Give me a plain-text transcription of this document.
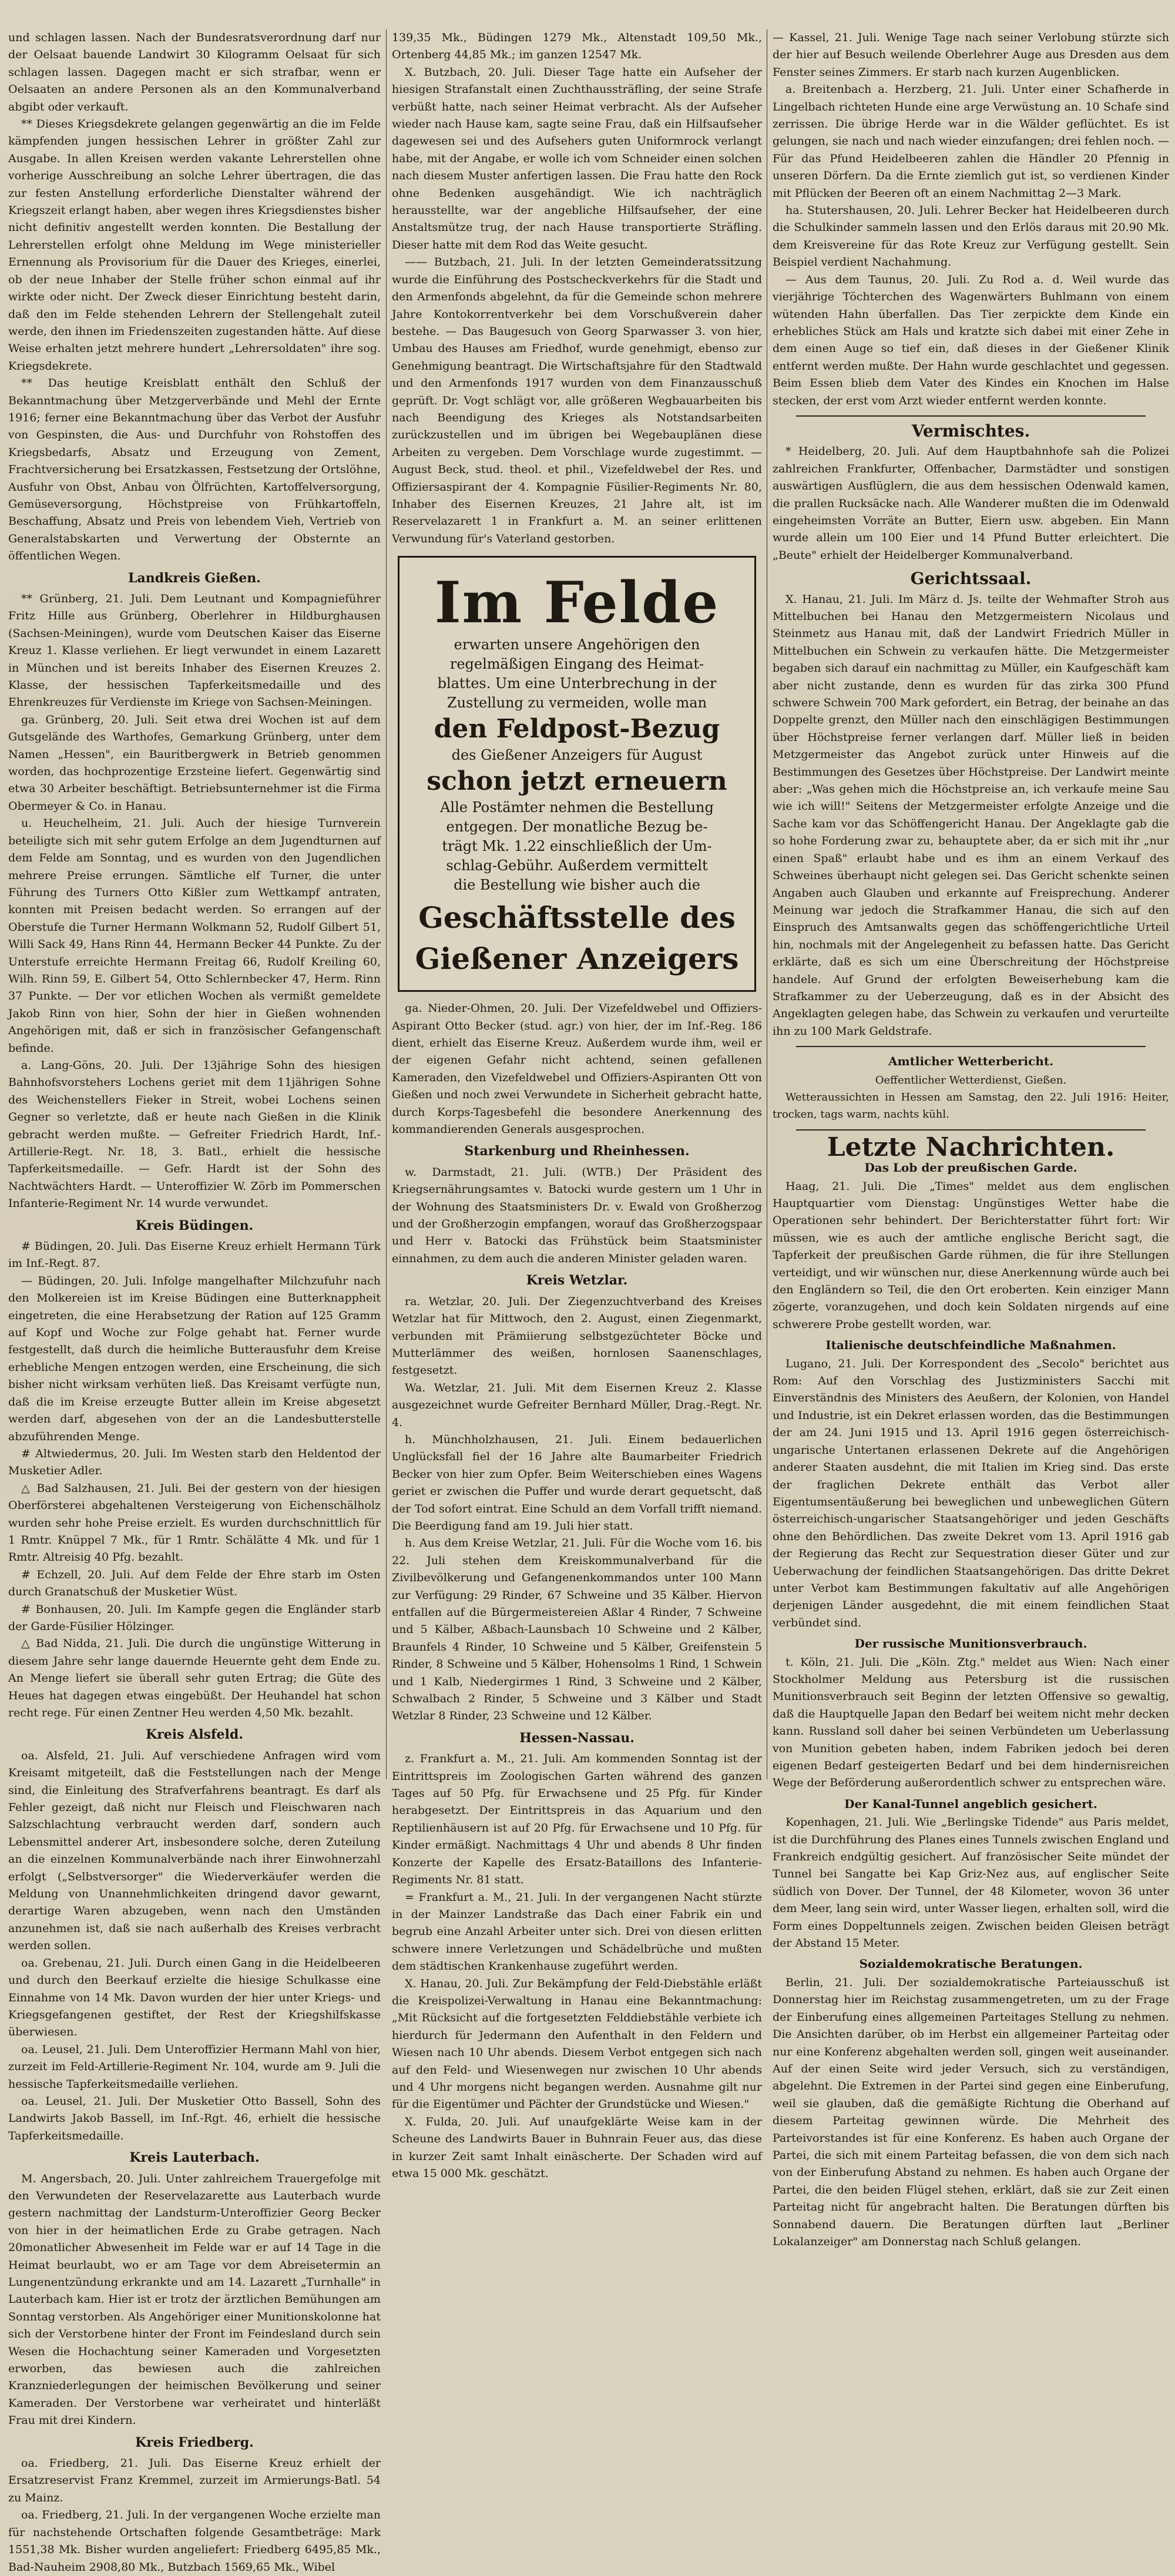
und schlagen lassen. Nach der Bundesratsverordnung darf nur der Oelsaat bauende Landwirt 30 Kilogramm Oelsaat für sich schlagen lassen. Dagegen macht er sich strafbar, wenn er Oelsaaten an andere Personen als an den Kommunalverband abgibt oder verkauft.

** Dieses Kriegsdekrete gelangen gegenwärtig an die im Felde kämpfenden jungen hessischen Lehrer in größter Zahl zur Ausgabe. In allen Kreisen werden vakante Lehrerstellen ohne vorherige Ausschreibung an solche Lehrer übertragen, die das zur festen Anstellung erforderliche Dienstalter während der Kriegszeit erlangt haben, aber wegen ihres Kriegsdienstes bisher nicht definitiv angestellt werden konnten. Die Bestallung der Lehrerstellen erfolgt ohne Meldung im Wege ministerieller Ernennung als Provisorium für die Dauer des Krieges, einerlei, ob der neue Inhaber der Stelle früher schon einmal auf ihr wirkte oder nicht. Der Zweck dieser Einrichtung besteht darin, daß den im Felde stehenden Lehrern der Stellengehalt zuteil werde, den ihnen im Friedenszeiten zugestanden hätte. Auf diese Weise erhalten jetzt mehrere hundert „Lehrersoldaten" ihre sog. Kriegsdekrete.

** Das heutige Kreisblatt enthält den Schluß der Bekanntmachung über Metzgerverbände und Mehl der Ernte 1916; ferner eine Bekanntmachung über das Verbot der Ausfuhr von Gespinsten, die Aus- und Durchfuhr von Rohstoffen des Kriegsbedarfs, Absatz und Erzeugung von Zement, Frachtversicherung bei Ersatzkassen, Festsetzung der Ortslöhne, Ausfuhr von Obst, Anbau von Ölfrüchten, Kartoffelversorgung, Gemüseversorgung, Höchstpreise von Frühkartoffeln, Beschaffung, Absatz und Preis von lebendem Vieh, Vertrieb von Generalstabskarten und Verwertung der Obsternte an öffentlichen Wegen.

Landkreis Gießen.

** Grünberg, 21. Juli. Dem Leutnant und Kompagnieführer Fritz Hille aus Grünberg, Oberlehrer in Hildburghausen (Sachsen-Meiningen), wurde vom Deutschen Kaiser das Eiserne Kreuz 1. Klasse verliehen. Er liegt verwundet in einem Lazarett in München und ist bereits Inhaber des Eisernen Kreuzes 2. Klasse, der hessischen Tapferkeitsmedaille und des Ehrenkreuzes für Verdienste im Kriege von Sachsen-Meiningen.

ga. Grünberg, 20. Juli. Seit etwa drei Wochen ist auf dem Gutsgelände des Warthofes, Gemarkung Grünberg, unter dem Namen „Hessen", ein Bauritbergwerk in Betrieb genommen worden, das hochprozentige Erzsteine liefert. Gegenwärtig sind etwa 30 Arbeiter beschäftigt. Betriebsunternehmer ist die Firma Obermeyer & Co. in Hanau.

u. Heuchelheim, 21. Juli. Auch der hiesige Turnverein beteiligte sich mit sehr gutem Erfolge an dem Jugendturnen auf dem Felde am Sonntag, und es wurden von den Jugendlichen mehrere Preise errungen. Sämtliche elf Turner, die unter Führung des Turners Otto Kißler zum Wettkampf antraten, konnten mit Preisen bedacht werden. So errangen auf der Oberstufe die Turner Hermann Wolkmann 52, Rudolf Gilbert 51, Willi Sack 49, Hans Rinn 44, Hermann Becker 44 Punkte. Zu der Unterstufe erreichte Hermann Freitag 66, Rudolf Kreiling 60, Wilh. Rinn 59, E. Gilbert 54, Otto Schlernbecker 47, Herm. Rinn 37 Punkte. — Der vor etlichen Wochen als vermißt gemeldete Jakob Rinn von hier, Sohn der hier in Gießen wohnenden Angehörigen mit, daß er sich in französischer Gefangenschaft befinde.

a. Lang-Göns, 20. Juli. Der 13jährige Sohn des hiesigen Bahnhofsvorstehers Lochens geriet mit dem 11jährigen Sohne des Weichenstellers Fieker in Streit, wobei Lochens seinen Gegner so verletzte, daß er heute nach Gießen in die Klinik gebracht werden mußte. — Gefreiter Friedrich Hardt, Inf.-Artillerie-Regt. Nr. 18, 3. Batl., erhielt die hessische Tapferkeitsmedaille. — Gefr. Hardt ist der Sohn des Nachtwächters Hardt. — Unteroffizier W. Zörb im Pommerschen Infanterie-Regiment Nr. 14 wurde verwundet.

Kreis Büdingen.

# Büdingen, 20. Juli. Das Eiserne Kreuz erhielt Hermann Türk im Inf.-Regt. 87.

— Büdingen, 20. Juli. Infolge mangelhafter Milchzufuhr nach den Molkereien ist im Kreise Büdingen eine Butterknappheit eingetreten, die eine Herabsetzung der Ration auf 125 Gramm auf Kopf und Woche zur Folge gehabt hat. Ferner wurde festgestellt, daß durch die heimliche Butterausfuhr dem Kreise erhebliche Mengen entzogen werden, eine Erscheinung, die sich bisher nicht wirksam verhüten ließ. Das Kreisamt verfügte nun, daß die im Kreise erzeugte Butter allein im Kreise abgesetzt werden darf, abgesehen von der an die Landesbutterstelle abzuführenden Menge.

# Altwiedermus, 20. Juli. Im Westen starb den Heldentod der Musketier Adler.

△ Bad Salzhausen, 21. Juli. Bei der gestern von der hiesigen Oberförsterei abgehaltenen Versteigerung von Eichenschälholz wurden sehr hohe Preise erzielt. Es wurden durchschnittlich für 1 Rmtr. Knüppel 7 Mk., für 1 Rmtr. Schälätte 4 Mk. und für 1 Rmtr. Altreisig 40 Pfg. bezahlt.

# Echzell, 20. Juli. Auf dem Felde der Ehre starb im Osten durch Granatschuß der Musketier Wüst.

# Bonhausen, 20. Juli. Im Kampfe gegen die Engländer starb der Garde-Füsilier Hölzinger.

△ Bad Nidda, 21. Juli. Die durch die ungünstige Witterung in diesem Jahre sehr lange dauernde Heuernte geht dem Ende zu. An Menge liefert sie überall sehr guten Ertrag; die Güte des Heues hat dagegen etwas eingebüßt. Der Heuhandel hat schon recht rege. Für einen Zentner Heu werden 4,50 Mk. bezahlt.

Kreis Alsfeld.

oa. Alsfeld, 21. Juli. Auf verschiedene Anfragen wird vom Kreisamt mitgeteilt, daß die Feststellungen nach der Menge sind, die Einleitung des Strafverfahrens beantragt. Es darf als Fehler gezeigt, daß nicht nur Fleisch und Fleischwaren nach Salzschlachtung verbraucht werden darf, sondern auch Lebensmittel anderer Art, insbesondere solche, deren Zuteilung an die einzelnen Kommunalverbände nach ihrer Einwohnerzahl erfolgt („Selbstversorger" die Wiederverkäufer werden die Meldung von Unannehmlichkeiten dringend davor gewarnt, derartige Waren abzugeben, wenn nach den Umständen anzunehmen ist, daß sie nach außerhalb des Kreises verbracht werden sollen.

oa. Grebenau, 21. Juli. Durch einen Gang in die Heidelbeeren und durch den Beerkauf erzielte die hiesige Schulkasse eine Einnahme von 14 Mk. Davon wurden der hier unter Kriegs- und Kriegsgefangenen gestiftet, der Rest der Kriegshilfskasse überwiesen.

oa. Leusel, 21. Juli. Dem Unteroffizier Hermann Mahl von hier, zurzeit im Feld-Artillerie-Regiment Nr. 104, wurde am 9. Juli die hessische Tapferkeitsmedaille verliehen.

oa. Leusel, 21. Juli. Der Musketier Otto Bassell, Sohn des Landwirts Jakob Bassell, im Inf.-Rgt. 46, erhielt die hessische Tapferkeitsmedaille.

Kreis Lauterbach.

M. Angersbach, 20. Juli. Unter zahlreichem Trauergefolge mit den Verwundeten der Reservelazarette aus Lauterbach wurde gestern nachmittag der Landsturm-Unteroffizier Georg Becker von hier in der heimatlichen Erde zu Grabe getragen. Nach 20monatlicher Abwesenheit im Felde war er auf 14 Tage in die Heimat beurlaubt, wo er am Tage vor dem Abreisetermin an Lungenentzündung erkrankte und am 14. Lazarett „Turnhalle" in Lauterbach kam. Hier ist er trotz der ärztlichen Bemühungen am Sonntag verstorben. Als Angehöriger einer Munitionskolonne hat sich der Verstorbene hinter der Front im Feindesland durch sein Wesen die Hochachtung seiner Kameraden und Vorgesetzten erworben, das bewiesen auch die zahlreichen Kranzniederlegungen der heimischen Bevölkerung und seiner Kameraden. Der Verstorbene war verheiratet und hinterläßt Frau mit drei Kindern.

Kreis Friedberg.

oa. Friedberg, 21. Juli. Das Eiserne Kreuz erhielt der Ersatzreservist Franz Kremmel, zurzeit im Armierungs-Batl. 54 zu Mainz.

oa. Friedberg, 21. Juli. In der vergangenen Woche erzielte man für nachstehende Ortschaften folgende Gesamtbeträge: Mark 1551,38 Mk. Bisher wurden angeliefert: Friedberg 6495,85 Mk., Bad-Nauheim 2908,80 Mk., Butzbach 1569,65 Mk., Wibel

139,35 Mk., Büdingen 1279 Mk., Altenstadt 109,50 Mk., Ortenberg 44,85 Mk.; im ganzen 12547 Mk.

X. Butzbach, 20. Juli. Dieser Tage hatte ein Aufseher der hiesigen Strafanstalt einen Zuchthaussträfling, der seine Strafe verbüßt hatte, nach seiner Heimat verbracht. Als der Aufseher wieder nach Hause kam, sagte seine Frau, daß ein Hilfsaufseher dagewesen sei und des Aufsehers guten Uniformrock verlangt habe, mit der Angabe, er wolle ich vom Schneider einen solchen nach diesem Muster anfertigen lassen. Die Frau hatte den Rock ohne Bedenken ausgehändigt. Wie ich nachträglich herausstellte, war der angebliche Hilfsaufseher, der eine Anstaltsmütze trug, der nach Hause transportierte Sträfling. Dieser hatte mit dem Rod das Weite gesucht.

—— Butzbach, 21. Juli. In der letzten Gemeinderatssitzung wurde die Einführung des Postscheckverkehrs für die Stadt und den Armenfonds abgelehnt, da für die Gemeinde schon mehrere Jahre Kontokorrentverkehr bei dem Vorschußverein daher bestehe. — Das Baugesuch von Georg Sparwasser 3. von hier, Umbau des Hauses am Friedhof, wurde genehmigt, ebenso zur Genehmigung beantragt. Die Wirtschaftsjahre für den Stadtwald und den Armenfonds 1917 wurden von dem Finanzausschuß geprüft. Dr. Vogt schlägt vor, alle größeren Wegbauarbeiten bis nach Beendigung des Krieges als Notstandsarbeiten zurückzustellen und im übrigen bei Wegebauplänen diese Arbeiten zu vergeben. Dem Vorschlage wurde zugestimmt. — August Beck, stud. theol. et phil., Vizefeldwebel der Res. und Offiziersaspirant der 4. Kompagnie Füsilier-Regiments Nr. 80, Inhaber des Eisernen Kreuzes, 21 Jahre alt, ist im Reservelazarett 1 in Frankfurt a. M. an seiner erlittenen Verwundung für's Vaterland gestorben.

Im Felde
erwarten unsere Angehörigen den
regelmäßigen Eingang des Heimat-
blattes. Um eine Unterbrechung in der
Zustellung zu vermeiden, wolle man
den Feldpost-Bezug
des Gießener Anzeigers für August
schon jetzt erneuern
Alle Postämter nehmen die Bestellung
entgegen. Der monatliche Bezug be-
trägt Mk. 1.22 einschließlich der Um-
schlag-Gebühr. Außerdem vermittelt
die Bestellung wie bisher auch die
Geschäftsstelle des
Gießener Anzeigers

ga. Nieder-Ohmen, 20. Juli. Der Vizefeldwebel und Offiziers-Aspirant Otto Becker (stud. agr.) von hier, der im Inf.-Reg. 186 dient, erhielt das Eiserne Kreuz. Außerdem wurde ihm, weil er der eigenen Gefahr nicht achtend, seinen gefallenen Kameraden, den Vizefeldwebel und Offiziers-Aspiranten Ott von Gießen und noch zwei Verwundete in Sicherheit gebracht hatte, durch Korps-Tagesbefehl die besondere Anerkennung des kommandierenden Generals ausgesprochen.

Starkenburg und Rheinhessen.

w. Darmstadt, 21. Juli. (WTB.) Der Präsident des Kriegsernährungsamtes v. Batocki wurde gestern um 1 Uhr in der Wohnung des Staatsministers Dr. v. Ewald von Großherzog und der Großherzogin empfangen, worauf das Großherzogspaar und Herr v. Batocki das Frühstück beim Staatsminister einnahmen, zu dem auch die anderen Minister geladen waren.

Kreis Wetzlar.

ra. Wetzlar, 20. Juli. Der Ziegenzuchtverband des Kreises Wetzlar hat für Mittwoch, den 2. August, einen Ziegenmarkt, verbunden mit Prämiierung selbstgezüchteter Böcke und Mutterlämmer des weißen, hornlosen Saanenschlages, festgesetzt.

Wa. Wetzlar, 21. Juli. Mit dem Eisernen Kreuz 2. Klasse ausgezeichnet wurde Gefreiter Bernhard Müller, Drag.-Regt. Nr. 4.

h. Münchholzhausen, 21. Juli. Einem bedauerlichen Unglücksfall fiel der 16 Jahre alte Baumarbeiter Friedrich Becker von hier zum Opfer. Beim Weiterschieben eines Wagens geriet er zwischen die Puffer und wurde derart gequetscht, daß der Tod sofort eintrat. Eine Schuld an dem Vorfall trifft niemand. Die Beerdigung fand am 19. Juli hier statt.

h. Aus dem Kreise Wetzlar, 21. Juli. Für die Woche vom 16. bis 22. Juli stehen dem Kreiskommunalverband für die Zivilbevölkerung und Gefangenenkommandos unter 100 Mann zur Verfügung: 29 Rinder, 67 Schweine und 35 Kälber. Hiervon entfallen auf die Bürgermeistereien Aßlar 4 Rinder, 7 Schweine und 5 Kälber, Aßbach-Launsbach 10 Schweine und 2 Kälber, Braunfels 4 Rinder, 10 Schweine und 5 Kälber, Greifenstein 5 Rinder, 8 Schweine und 5 Kälber, Hohensolms 1 Rind, 1 Schwein und 1 Kalb, Niedergirmes 1 Rind, 3 Schweine und 2 Kälber, Schwalbach 2 Rinder, 5 Schweine und 3 Kälber und Stadt Wetzlar 8 Rinder, 23 Schweine und 12 Kälber.

Hessen-Nassau.

z. Frankfurt a. M., 21. Juli. Am kommenden Sonntag ist der Eintrittspreis im Zoologischen Garten während des ganzen Tages auf 50 Pfg. für Erwachsene und 25 Pfg. für Kinder herabgesetzt. Der Eintrittspreis in das Aquarium und den Reptilienhäusern ist auf 20 Pfg. für Erwachsene und 10 Pfg. für Kinder ermäßigt. Nachmittags 4 Uhr und abends 8 Uhr finden Konzerte der Kapelle des Ersatz-Bataillons des Infanterie-Regiments Nr. 81 statt.

= Frankfurt a. M., 21. Juli. In der vergangenen Nacht stürzte in der Mainzer Landstraße das Dach einer Fabrik ein und begrub eine Anzahl Arbeiter unter sich. Drei von diesen erlitten schwere innere Verletzungen und Schädelbrüche und mußten dem städtischen Krankenhause zugeführt werden.

X. Hanau, 20. Juli. Zur Bekämpfung der Feld-Diebstähle erläßt die Kreispolizei-Verwaltung in Hanau eine Bekanntmachung: „Mit Rücksicht auf die fortgesetzten Felddiebstähle verbiete ich hierdurch für Jedermann den Aufenthalt in den Feldern und Wiesen nach 10 Uhr abends. Diesem Verbot entgegen sich nach auf den Feld- und Wiesenwegen nur zwischen 10 Uhr abends und 4 Uhr morgens nicht begangen werden. Ausnahme gilt nur für die Eigentümer und Pächter der Grundstücke und Wiesen."

X. Fulda, 20. Juli. Auf unaufgeklärte Weise kam in der Scheune des Landwirts Bauer in Buhnrain Feuer aus, das diese in kurzer Zeit samt Inhalt einäscherte. Der Schaden wird auf etwa 15 000 Mk. geschätzt.

— Kassel, 21. Juli. Wenige Tage nach seiner Verlobung stürzte sich der hier auf Besuch weilende Oberlehrer Auge aus Dresden aus dem Fenster seines Zimmers. Er starb nach kurzen Augenblicken.

a. Breitenbach a. Herzberg, 21. Juli. Unter einer Schafherde in Lingelbach richteten Hunde eine arge Verwüstung an. 10 Schafe sind zerrissen. Die übrige Herde war in die Wälder geflüchtet. Es ist gelungen, sie nach und nach wieder einzufangen; drei fehlen noch. — Für das Pfund Heidelbeeren zahlen die Händler 20 Pfennig in unseren Dörfern. Da die Ernte ziemlich gut ist, so verdienen Kinder mit Pflücken der Beeren oft an einem Nachmittag 2—3 Mark.

ha. Stutershausen, 20. Juli. Lehrer Becker hat Heidelbeeren durch die Schulkinder sammeln lassen und den Erlös daraus mit 20.90 Mk. dem Kreisvereine für das Rote Kreuz zur Verfügung gestellt. Sein Beispiel verdient Nachahmung.

— Aus dem Taunus, 20. Juli. Zu Rod a. d. Weil wurde das vierjährige Töchterchen des Wagenwärters Buhlmann von einem wütenden Hahn überfallen. Das Tier zerpickte dem Kinde ein erhebliches Stück am Hals und kratzte sich dabei mit einer Zehe in dem einen Auge so tief ein, daß dieses in der Gießener Klinik entfernt werden mußte. Der Hahn wurde geschlachtet und gegessen. Beim Essen blieb dem Vater des Kindes ein Knochen im Halse stecken, der erst vom Arzt wieder entfernt werden konnte.

Vermischtes.

* Heidelberg, 20. Juli. Auf dem Hauptbahnhofe sah die Polizei zahlreichen Frankfurter, Offenbacher, Darmstädter und sonstigen auswärtigen Ausflüglern, die aus dem hessischen Odenwald kamen, die prallen Rucksäcke nach. Alle Wanderer mußten die im Odenwald eingeheimsten Vorräte an Butter, Eiern usw. abgeben. Ein Mann wurde allein um 100 Eier und 14 Pfund Butter erleichtert. Die „Beute" erhielt der Heidelberger Kommunalverband.

Gerichtssaal.

X. Hanau, 21. Juli. Im März d. Js. teilte der Wehmafter Stroh aus Mittelbuchen bei Hanau den Metzgermeistern Nicolaus und Steinmetz aus Hanau mit, daß der Landwirt Friedrich Müller in Mittelbuchen ein Schwein zu verkaufen hätte. Die Metzgermeister begaben sich darauf ein nachmittag zu Müller, ein Kaufgeschäft kam aber nicht zustande, denn es wurden für das zirka 300 Pfund schwere Schwein 700 Mark gefordert, ein Betrag, der beinahe an das Doppelte grenzt, den Müller nach den einschlägigen Bestimmungen über Höchstpreise ferner verlangen darf. Müller ließ in beiden Metzgermeister das Angebot zurück unter Hinweis auf die Bestimmungen des Gesetzes über Höchstpreise. Der Landwirt meinte aber: „Was gehen mich die Höchstpreise an, ich verkaufe meine Sau wie ich will!" Seitens der Metzgermeister erfolgte Anzeige und die Sache kam vor das Schöffengericht Hanau. Der Angeklagte gab die so hohe Forderung zwar zu, behauptete aber, da er sich mit ihr „nur einen Spaß" erlaubt habe und es ihm an einem Verkauf des Schweines überhaupt nicht gelegen sei. Das Gericht schenkte seinen Angaben auch Glauben und erkannte auf Freisprechung. Anderer Meinung war jedoch die Strafkammer Hanau, die sich auf den Einspruch des Amtsanwalts gegen das schöffengerichtliche Urteil hin, nochmals mit der Angelegenheit zu befassen hatte. Das Gericht erklärte, daß es sich um eine Überschreitung der Höchstpreise handele. Auf Grund der erfolgten Beweiserhebung kam die Strafkammer zu der Ueberzeugung, daß es in der Absicht des Angeklagten gelegen habe, das Schwein zu verkaufen und verurteilte ihn zu 100 Mark Geldstrafe.

Amtlicher Wetterbericht.
Oeffentlicher Wetterdienst, Gießen.

Wetteraussichten in Hessen am Samstag, den 22. Juli 1916: Heiter, trocken, tags warm, nachts kühl.

Letzte Nachrichten.
Das Lob der preußischen Garde.

Haag, 21. Juli. Die „Times" meldet aus dem englischen Hauptquartier vom Dienstag: Ungünstiges Wetter habe die Operationen sehr behindert. Der Berichterstatter führt fort: Wir müssen, wie es auch der amtliche englische Bericht sagt, die Tapferkeit der preußischen Garde rühmen, die für ihre Stellungen verteidigt, und wir wünschen nur, diese Anerkennung würde auch bei den Engländern so Teil, die den Ort eroberten. Kein einziger Mann zögerte, voranzugehen, und doch kein Soldaten nirgends auf eine schwerere Probe gestellt worden, war.

Italienische deutschfeindliche Maßnahmen.

Lugano, 21. Juli. Der Korrespondent des „Secolo" berichtet aus Rom: Auf den Vorschlag des Justizministers Sacchi mit Einverständnis des Ministers des Aeußern, der Kolonien, von Handel und Industrie, ist ein Dekret erlassen worden, das die Bestimmungen der am 24. Juni 1915 und 13. April 1916 gegen österreichisch-ungarische Untertanen erlassenen Dekrete auf die Angehörigen anderer Staaten ausdehnt, die mit Italien im Krieg sind. Das erste der fraglichen Dekrete enthält das Verbot aller Eigentumsentäußerung bei beweglichen und unbeweglichen Gütern österreichisch-ungarischer Staatsangehöriger und jeden Geschäfts ohne den Behördlichen. Das zweite Dekret vom 13. April 1916 gab der Regierung das Recht zur Sequestration dieser Güter und zur Ueberwachung der feindlichen Staatsangehörigen. Das dritte Dekret unter Verbot kam Bestimmungen fakultativ auf alle Angehörigen derjenigen Länder ausgedehnt, die mit einem feindlichen Staat verbündet sind.

Der russische Munitionsverbrauch.

t. Köln, 21. Juli. Die „Köln. Ztg." meldet aus Wien: Nach einer Stockholmer Meldung aus Petersburg ist die russischen Munitionsverbrauch seit Beginn der letzten Offensive so gewaltig, daß die Hauptquelle Japan den Bedarf bei weitem nicht mehr decken kann. Russland soll daher bei seinen Verbündeten um Ueberlassung von Munition gebeten haben, indem Fabriken jedoch bei deren eigenen Bedarf gesteigerten Bedarf und bei dem hindernisreichen Wege der Beförderung außerordentlich schwer zu entsprechen wäre.

Der Kanal-Tunnel angeblich gesichert.

Kopenhagen, 21. Juli. Wie „Berlingske Tidende" aus Paris meldet, ist die Durchführung des Planes eines Tunnels zwischen England und Frankreich endgültig gesichert. Auf französischer Seite mündet der Tunnel bei Sangatte bei Kap Griz-Nez aus, auf englischer Seite südlich von Dover. Der Tunnel, der 48 Kilometer, wovon 36 unter dem Meer, lang sein wird, unter Wasser liegen, erhalten soll, wird die Form eines Doppeltunnels zeigen. Zwischen beiden Gleisen beträgt der Abstand 15 Meter.

Sozialdemokratische Beratungen.

Berlin, 21. Juli. Der sozialdemokratische Parteiausschuß ist Donnerstag hier im Reichstag zusammengetreten, um zu der Frage der Einberufung eines allgemeinen Parteitages Stellung zu nehmen. Die Ansichten darüber, ob im Herbst ein allgemeiner Parteitag oder nur eine Konferenz abgehalten werden soll, gingen weit auseinander. Auf der einen Seite wird jeder Versuch, sich zu verständigen, abgelehnt. Die Extremen in der Partei sind gegen eine Einberufung, weil sie glauben, daß die gemäßigte Richtung die Oberhand auf diesem Parteitag gewinnen würde. Die Mehrheit des Parteivorstandes ist für eine Konferenz. Es haben auch Organe der Partei, die sich mit einem Parteitag befassen, die von dem sich nach von der Einberufung Abstand zu nehmen. Es haben auch Organe der Partei, die den beiden Flügel stehen, erklärt, daß sie zur Zeit einen Parteitag nicht für angebracht halten. Die Beratungen dürften bis Sonnabend dauern. Die Beratungen dürften laut „Berliner Lokalanzeiger" am Donnerstag nach Schluß gelangen.
